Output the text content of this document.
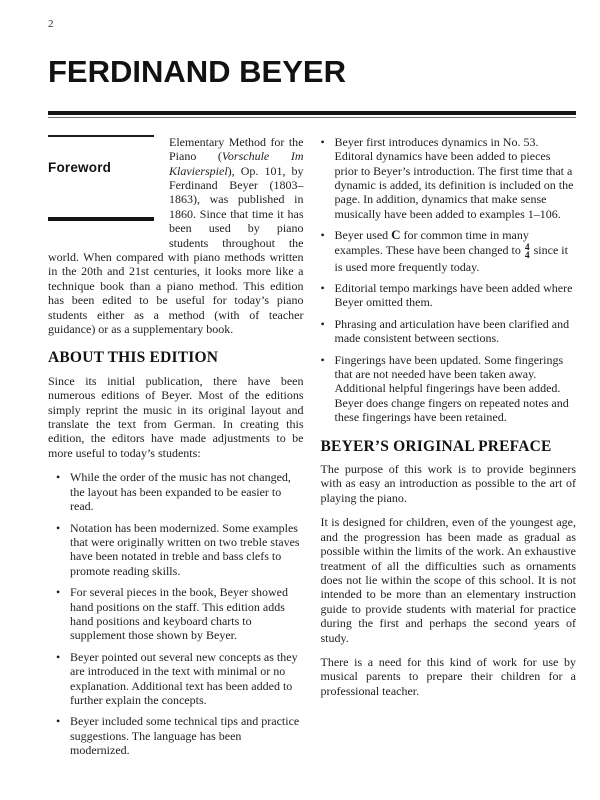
2
FERDINAND BEYER
Foreword

Elementary Method for the Piano (Vorschule Im Klavierspiel), Op. 101, by Ferdinand Beyer (1803–1863), was published in 1860. Since that time it has been used by piano students throughout the world. When compared with piano methods written in the 20th and 21st centuries, it looks more like a technique book than a piano method. This edition has been edited to be useful for today’s piano students either as a method (with of teacher guidance) or as a supplementary book.

ABOUT THIS EDITION

Since its initial publication, there have been numerous editions of Beyer. Most of the editions simply reprint the music in its original layout and translate the text from German. In creating this edition, the editors have made adjustments to be more useful to today’s students:

• While the order of the music has not changed, the layout has been expanded to be easier to read.
• Notation has been modernized. Some examples that were originally written on two treble staves have been notated in treble and bass clefs to promote reading skills.
• For several pieces in the book, Beyer showed hand positions on the staff. This edition adds hand positions and keyboard charts to supplement those shown by Beyer.
• Beyer pointed out several new concepts as they are introduced in the text with minimal or no explanation. Additional text has been added to further explain the concepts.
• Beyer included some technical tips and practice suggestions. The language has been modernized.
• Beyer first introduces dynamics in No. 53. Editoral dynamics have been added to pieces prior to Beyer’s introduction. The first time that a dynamic is added, its definition is included on the page. In addition, dynamics that make sense musically have been added to examples 1–106.
• Beyer used C for common time in many examples. These have been changed to 4
4 since it is used more frequently today.
• Editorial tempo markings have been added where Beyer omitted them.
• Phrasing and articulation have been clarified and made consistent between sections.
• Fingerings have been updated. Some fingerings that are not needed have been taken away. Additional helpful fingerings have been added. Beyer does change fingers on repeated notes and these fingerings have been retained.
BEYER’S ORIGINAL PREFACE

The purpose of this work is to provide beginners with as easy an introduction as possible to the art of playing the piano.

It is designed for children, even of the youngest age, and the progression has been made as gradual as possible within the limits of the work. An exhaustive treatment of all the difficulties such as ornaments does not lie within the scope of this school. It is not intended to be more than an elementary instruction guide to provide students with material for practice during the first and perhaps the second years of study.

There is a need for this kind of work for use by musical parents to prepare their children for a professional teacher.
